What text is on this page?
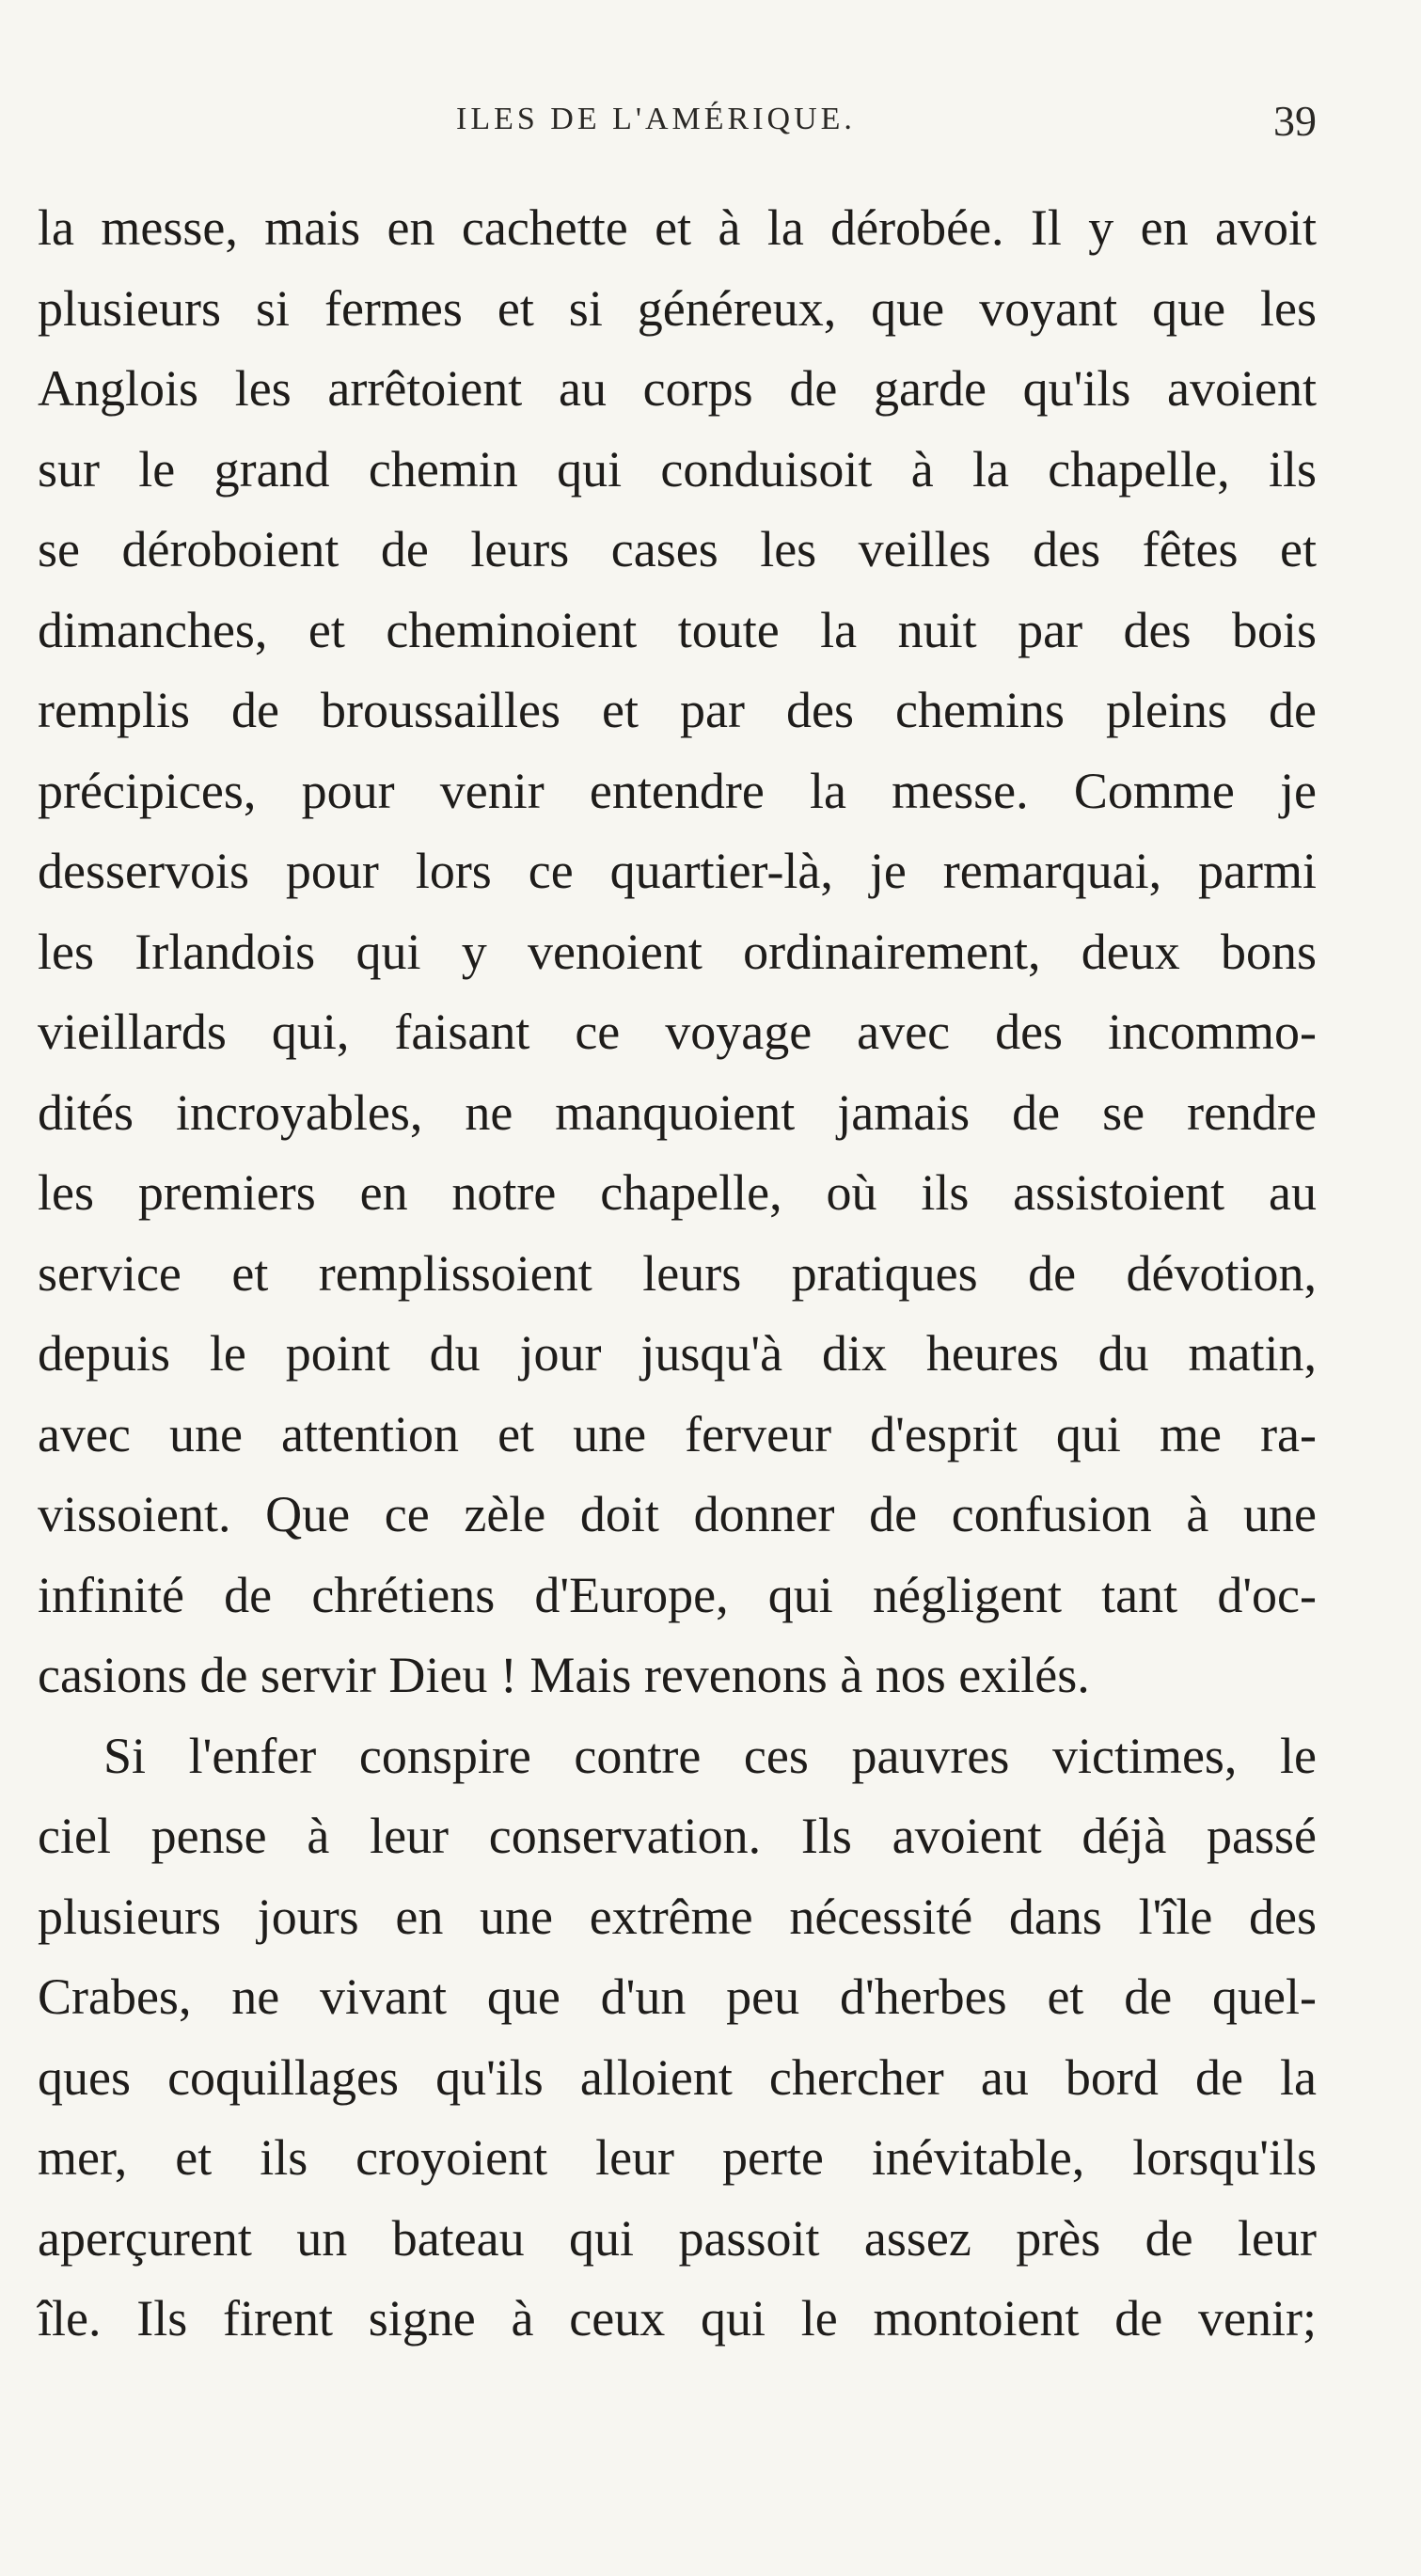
ILES DE L'AMÉRIQUE.	39
la messe, mais en cachette et à la dérobée. Il y en avoit
plusieurs si fermes et si généreux, que voyant que les
Anglois les arrêtoient au corps de garde qu'ils avoient
sur le grand chemin qui conduisoit à la chapelle, ils
se déroboient de leurs cases les veilles des fêtes et
dimanches, et cheminoient toute la nuit par des bois
remplis de broussailles et par des chemins pleins de
précipices, pour venir entendre la messe. Comme je
desservois pour lors ce quartier-là, je remarquai, parmi
les Irlandois qui y venoient ordinairement, deux bons
vieillards qui, faisant ce voyage avec des incommo-
dités incroyables, ne manquoient jamais de se rendre
les premiers en notre chapelle, où ils assistoient au
service et remplissoient leurs pratiques de dévotion,
depuis le point du jour jusqu'à dix heures du matin,
avec une attention et une ferveur d'esprit qui me ra-
vissoient. Que ce zèle doit donner de confusion à une
infinité de chrétiens d'Europe, qui négligent tant d'oc-
casions de servir Dieu ! Mais revenons à nos exilés.
Si l'enfer conspire contre ces pauvres victimes, le
ciel pense à leur conservation. Ils avoient déjà passé
plusieurs jours en une extrême nécessité dans l'île des
Crabes, ne vivant que d'un peu d'herbes et de quel-
ques coquillages qu'ils alloient chercher au bord de la
mer, et ils croyoient leur perte inévitable, lorsqu'ils
aperçurent un bateau qui passoit assez près de leur
île. Ils firent signe à ceux qui le montoient de venir;
